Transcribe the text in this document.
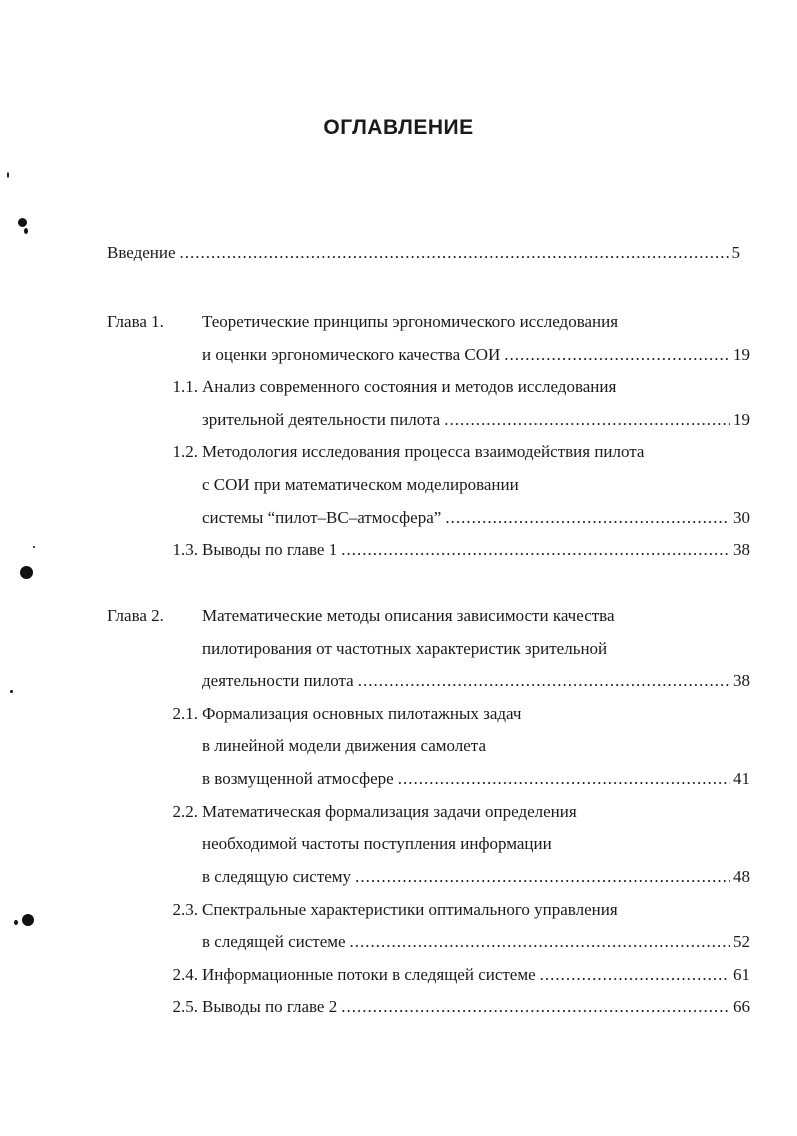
ОГЛАВЛЕНИЕ
Введение .....	5
Глава 1. Теоретические принципы эргономического исследования
и оценки эргономического качества СОИ .....	19
1.1. Анализ современного состояния и методов исследования
зрительной деятельности пилота .....	19
1.2. Методология исследования процесса взаимодействия пилота
с СОИ при математическом моделировании
системы “пилот–ВС–атмосфера” .....	30
1.3. Выводы по главе 1 .....	38
Глава 2. Математические методы описания зависимости качества
пилотирования от частотных характеристик зрительной
деятельности пилота .....	38
2.1. Формализация основных пилотажных задач
в линейной модели движения самолета
в возмущенной атмосфере .....	41
2.2. Математическая формализация задачи определения
необходимой частоты поступления информации
в следящую систему .....	48
2.3. Спектральные характеристики оптимального управления
в следящей системе .....	52
2.4. Информационные потоки в следящей системе .....	61
2.5. Выводы по главе 2 .....	66
